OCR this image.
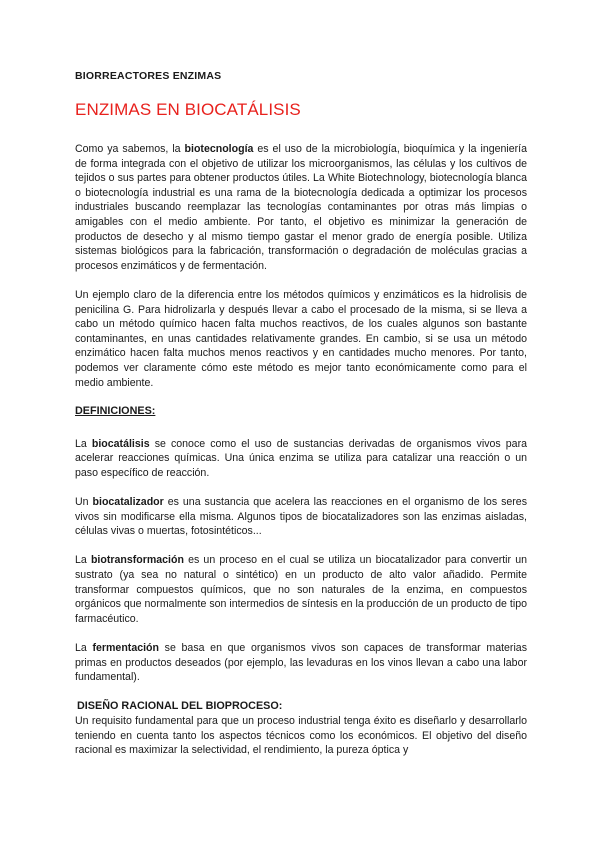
BIORREACTORES ENZIMAS
ENZIMAS EN BIOCATÁLISIS

Como ya sabemos, la biotecnología es el uso de la microbiología, bioquímica y la ingeniería de forma integrada con el objetivo de utilizar los microorganismos, las células y los cultivos de tejidos o sus partes para obtener productos útiles. La White Biotechnology, biotecnología blanca o biotecnología industrial es una rama de la biotecnología dedicada a optimizar los procesos industriales buscando reemplazar las tecnologías contaminantes por otras más limpias o amigables con el medio ambiente. Por tanto, el objetivo es minimizar la generación de productos de desecho y al mismo tiempo gastar el menor grado de energía posible. Utiliza sistemas biológicos para la fabricación, transformación o degradación de moléculas gracias a procesos enzimáticos y de fermentación.

Un ejemplo claro de la diferencia entre los métodos químicos y enzimáticos es la hidrolisis de penicilina G. Para hidrolizarla y después llevar a cabo el procesado de la misma, si se lleva a cabo un método químico hacen falta muchos reactivos, de los cuales algunos son bastante contaminantes, en unas cantidades relativamente grandes. En cambio, si se usa un método enzimático hacen falta muchos menos reactivos y en cantidades mucho menores. Por tanto, podemos ver claramente cómo este método es mejor tanto económicamente como para el medio ambiente.

DEFINICIONES:

La biocatálisis se conoce como el uso de sustancias derivadas de organismos vivos para acelerar reacciones químicas. Una única enzima se utiliza para catalizar una reacción o un paso específico de reacción.

Un biocatalizador es una sustancia que acelera las reacciones en el organismo de los seres vivos sin modificarse ella misma. Algunos tipos de biocatalizadores son las enzimas aisladas, células vivas o muertas, fotosintéticos...

La biotransformación es un proceso en el cual se utiliza un biocatalizador para convertir un sustrato (ya sea no natural o sintético) en un producto de alto valor añadido. Permite transformar compuestos químicos, que no son naturales de la enzima, en compuestos orgánicos que normalmente son intermedios de síntesis en la producción de un producto de tipo farmacéutico.

La fermentación se basa en que organismos vivos son capaces de transformar materias primas en productos deseados (por ejemplo, las levaduras en los vinos llevan a cabo una labor fundamental).

DISEÑO RACIONAL DEL BIOPROCESO:

Un requisito fundamental para que un proceso industrial tenga éxito es diseñarlo y desarrollarlo teniendo en cuenta tanto los aspectos técnicos como los económicos. El objetivo del diseño racional es maximizar la selectividad, el rendimiento, la pureza óptica y
